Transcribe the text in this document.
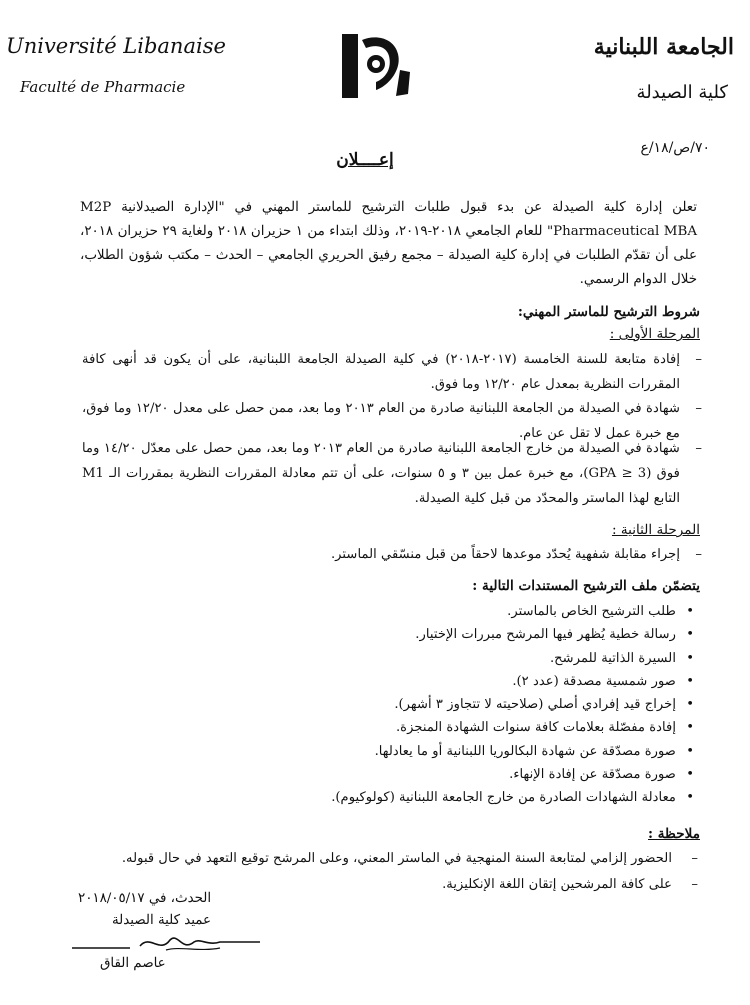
Université Libanaise
Faculté de Pharmacie
الجامعة اللبنانية
كلية الصيدلة
٧٠/ص/١٨/ع
إعــــلان
تعلن إدارة كلية الصيدلة عن بدء قبول طلبات الترشيح للماستر المهني في "الإدارة الصيدلانية M2P Pharmaceutical MBA" للعام الجامعي ٢٠١٨-٢٠١٩، وذلك ابتداء من ١ حزيران ٢٠١٨ ولغاية ٢٩ حزيران ٢٠١٨، على أن تقدّم الطلبات في إدارة كلية الصيدلة – مجمع رفيق الحريري الجامعي – الحدث – مكتب شؤون الطلاب، خلال الدوام الرسمي.
شروط الترشيح للماستر المهني:
المرحلة الأولى :
–
إفادة متابعة للسنة الخامسة (٢٠١٧-٢٠١٨) في كلية الصيدلة الجامعة اللبنانية، على أن يكون قد أنهى كافة المقررات النظرية بمعدل عام ١٢/٢٠ وما فوق.
–
شهادة في الصيدلة من الجامعة اللبنانية صادرة من العام ٢٠١٣ وما بعد، ممن حصل على معدل ١٢/٢٠ وما فوق، مع خبرة عمل لا تقل عن عام.
–
شهادة في الصيدلة من خارج الجامعة اللبنانية صادرة من العام ٢٠١٣ وما بعد، ممن حصل على معدّل ١٤/٢٠ وما فوق (GPA ≥ 3)، مع خبرة عمل بين ٣ و ٥ سنوات، على أن تتم معادلة المقررات النظرية بمقررات الـ M1 التابع لهذا الماستر والمحدّد من قبل كلية الصيدلة.
المرحلة الثانية :
–
إجراء مقابلة شفهية يُحدّد موعدها لاحقاً من قبل منسّقي الماستر.
يتضمّن ملف الترشيح المستندات التالية :
•
طلب الترشيح الخاص بالماستر.
•
رسالة خطية يُظهر فيها المرشح مبررات الإختيار.
•
السيرة الذاتية للمرشح.
•
صور شمسية مصدقة (عدد ٢).
•
إخراج قيد إفرادي أصلي (صلاحيته لا تتجاوز ٣ أشهر).
•
إفادة مفصّلة بعلامات كافة سنوات الشهادة المنجزة.
•
صورة مصدّقة عن شهادة البكالوريا اللبنانية أو ما يعادلها.
•
صورة مصدّقة عن إفادة الإنهاء.
•
معادلة الشهادات الصادرة من خارج الجامعة اللبنانية (كولوكيوم).
ملاحظة :
–
الحضور إلزامي لمتابعة السنة المنهجية في الماستر المعني، وعلى المرشح توقيع التعهد في حال قبوله.
–
على كافة المرشحين إتقان اللغة الإنكليزية.
الحدث، في ٢٠١٨/٠٥/١٧
عميد كلية الصيدلة
عاصم القاق
